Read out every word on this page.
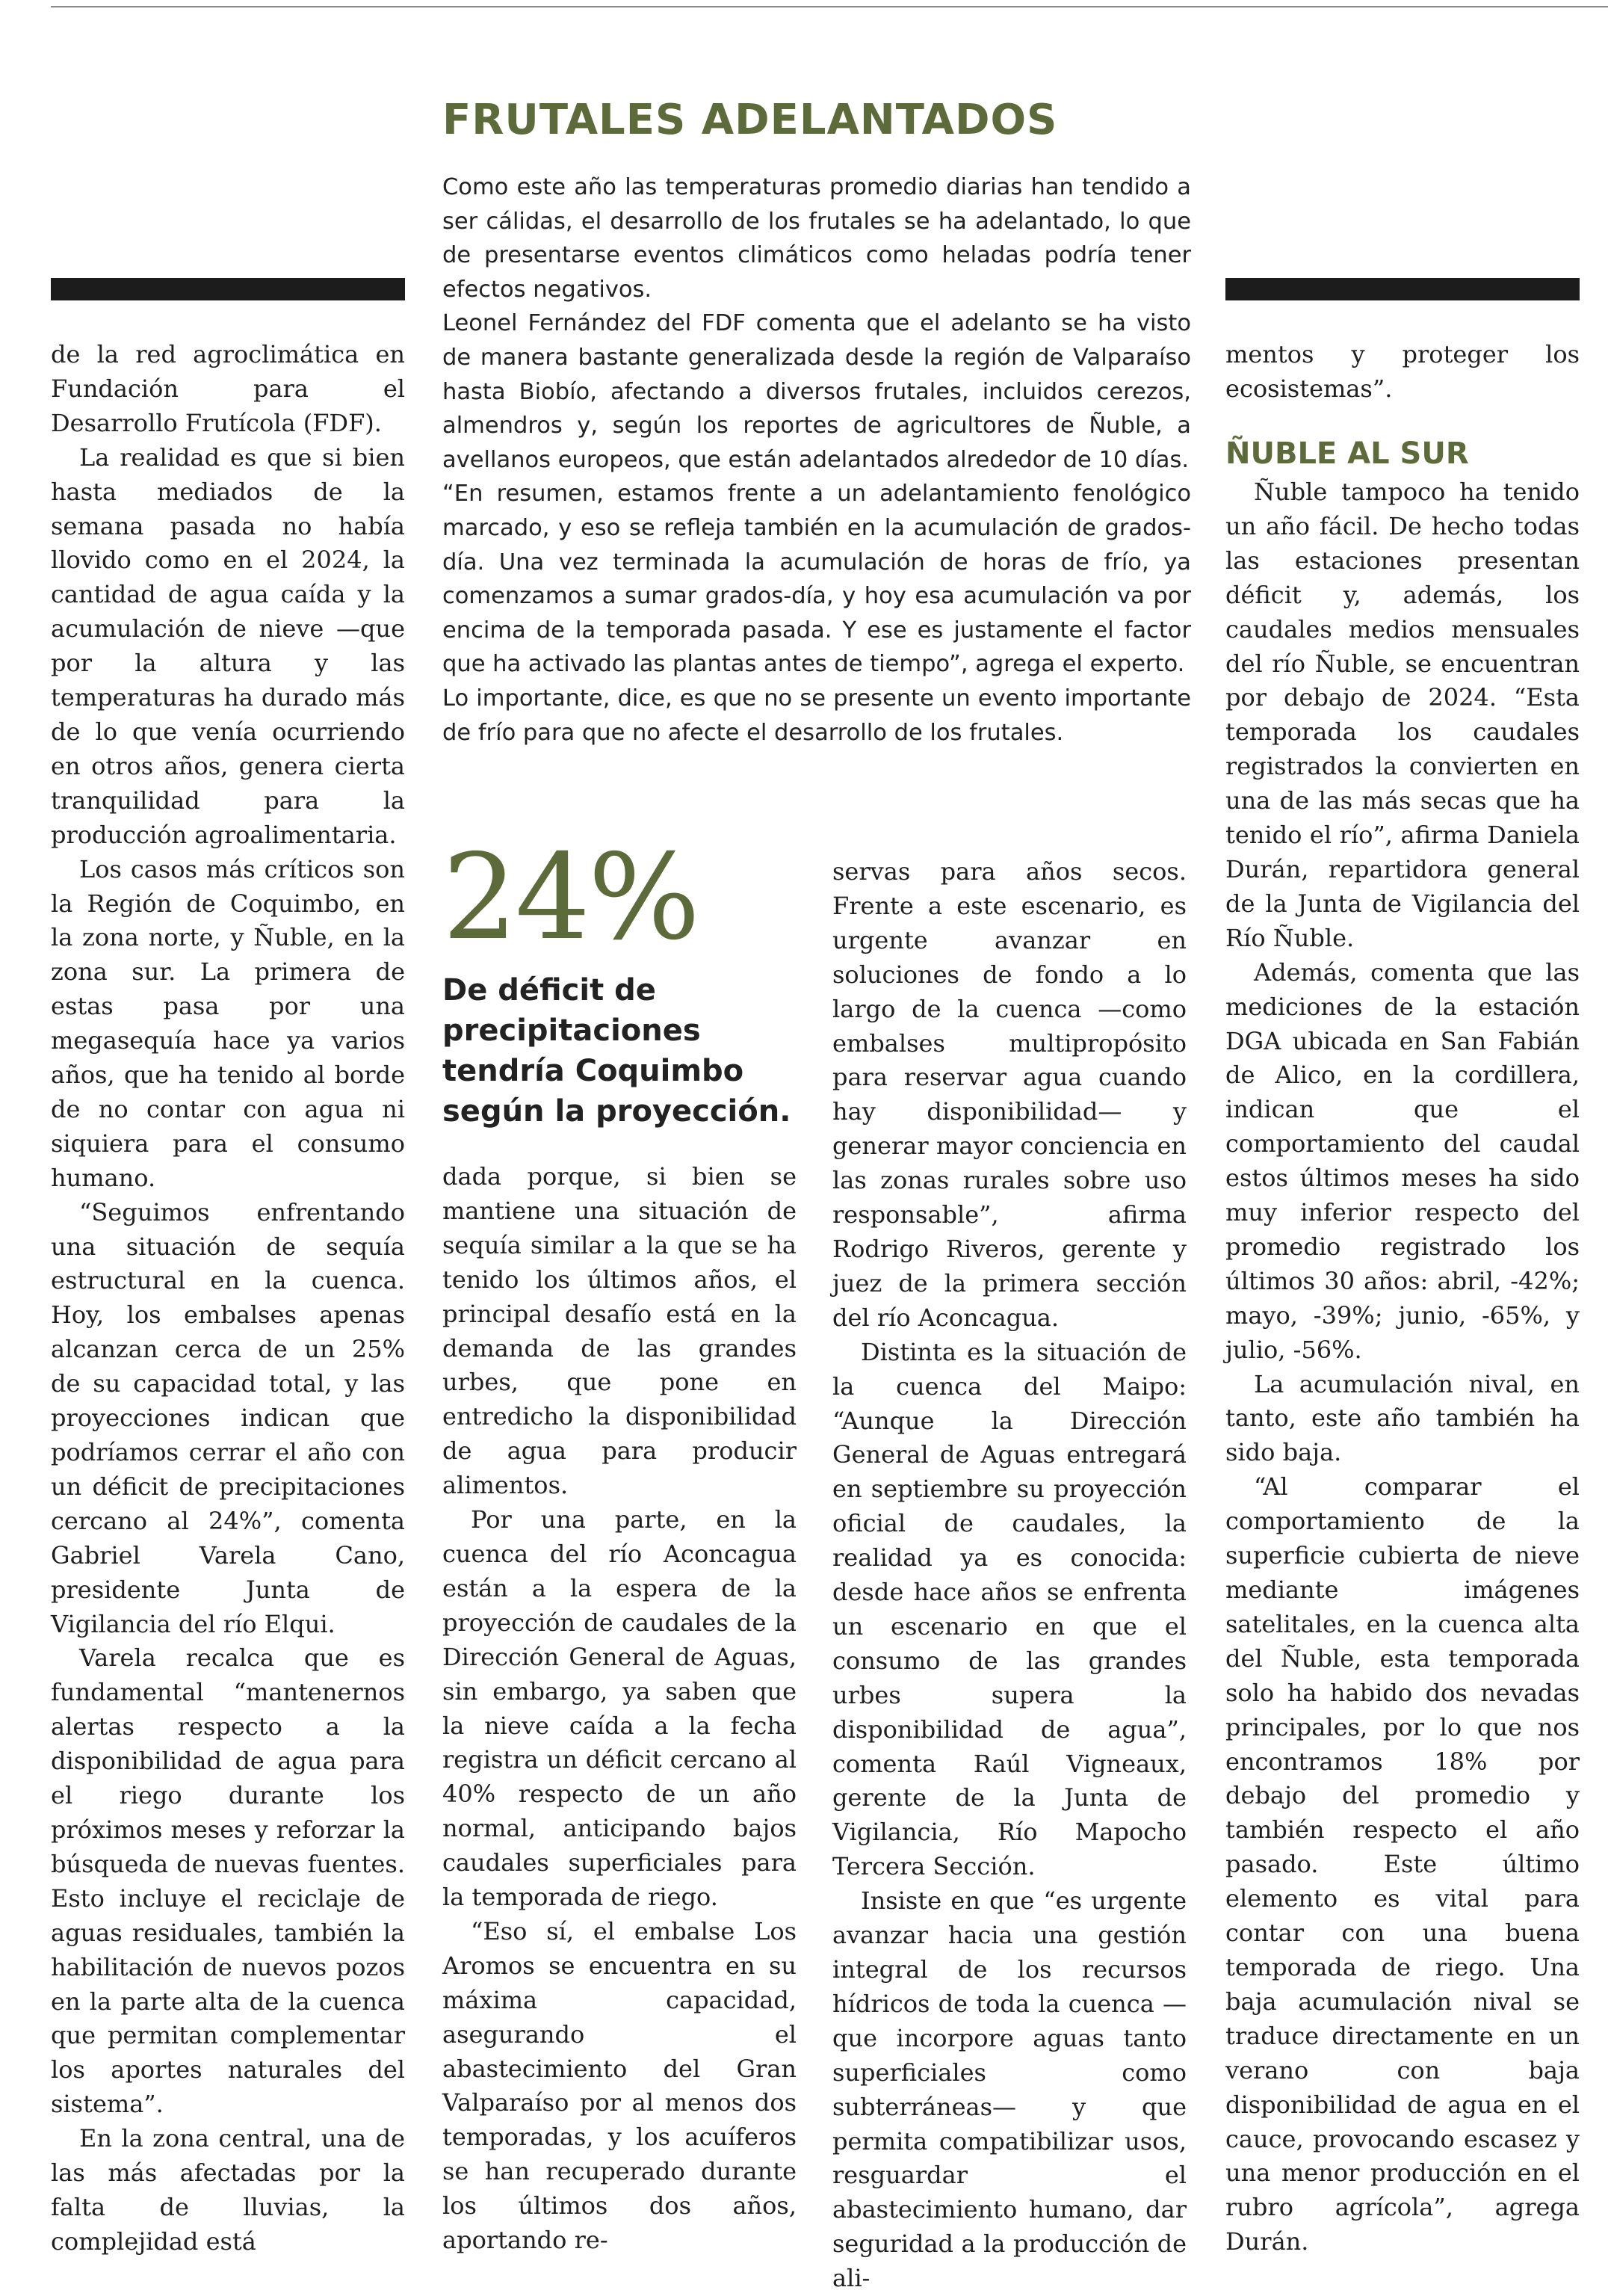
FRUTALES ADELANTADOS

Como este año las temperaturas promedio diarias han tendido a ser cálidas, el desarrollo de los frutales se ha adelantado, lo que de presentarse eventos climáticos como heladas podría tener efectos negativos.

Leonel Fernández del FDF comenta que el adelanto se ha visto de manera bastante generalizada desde la región de Valparaíso hasta Biobío, afectando a diversos frutales, incluidos cerezos, almendros y, según los reportes de agricultores de Ñuble, a avellanos europeos, que están adelantados alrededor de 10 días.

“En resumen, estamos frente a un adelantamiento fenológico marcado, y eso se refleja también en la acumulación de grados-día. Una vez terminada la acumulación de horas de frío, ya comenzamos a sumar grados-día, y hoy esa acumulación va por encima de la temporada pasada. Y ese es justamente el factor que ha activado las plantas antes de tiempo”, agrega el experto.

Lo importante, dice, es que no se presente un evento importante de frío para que no afecte el desarrollo de los frutales.

de la red agroclimática en Fundación para el Desarrollo Frutícola (FDF).

La realidad es que si bien hasta mediados de la semana pasada no había llovido como en el 2024, la cantidad de agua caída y la acumulación de nieve —que por la altura y las temperaturas ha durado más de lo que venía ocurriendo en otros años, genera cierta tranquilidad para la producción agroalimentaria.

Los casos más críticos son la Región de Coquimbo, en la zona norte, y Ñuble, en la zona sur. La primera de estas pasa por una megasequía hace ya varios años, que ha tenido al borde de no contar con agua ni siquiera para el consumo humano.

“Seguimos enfrentando una situación de sequía estructural en la cuenca. Hoy, los embalses apenas alcanzan cerca de un 25% de su capacidad total, y las proyecciones indican que podríamos cerrar el año con un déficit de precipitaciones cercano al 24%”, comenta Gabriel Varela Cano, presidente Junta de Vigilancia del río Elqui.

Varela recalca que es fundamental “mantenernos alertas respecto a la disponibilidad de agua para el riego durante los próximos meses y reforzar la búsqueda de nuevas fuentes. Esto incluye el reciclaje de aguas residuales, también la habilitación de nuevos pozos en la parte alta de la cuenca que permitan complementar los aportes naturales del sistema”.

En la zona central, una de las más afectadas por la falta de lluvias, la complejidad está

24%

De déficit de precipitaciones tendría Coquimbo según la proyección.

dada porque, si bien se mantiene una situación de sequía similar a la que se ha tenido los últimos años, el principal desafío está en la demanda de las grandes urbes, que pone en entredicho la disponibilidad de agua para producir alimentos.

Por una parte, en la cuenca del río Aconcagua están a la espera de la proyección de caudales de la Dirección General de Aguas, sin embargo, ya saben que la nieve caída a la fecha registra un déficit cercano al 40% respecto de un año normal, anticipando bajos caudales superficiales para la temporada de riego.

“Eso sí, el embalse Los Aromos se encuentra en su máxima capacidad, asegurando el abastecimiento del Gran Valparaíso por al menos dos temporadas, y los acuíferos se han recuperado durante los últimos dos años, aportando re-

servas para años secos. Frente a este escenario, es urgente avanzar en soluciones de fondo a lo largo de la cuenca —como embalses multipropósito para reservar agua cuando hay disponibilidad— y generar mayor conciencia en las zonas rurales sobre uso responsable”, afirma Rodrigo Riveros, gerente y juez de la primera sección del río Aconcagua.

Distinta es la situación de la cuenca del Maipo: “Aunque la Dirección General de Aguas entregará en septiembre su proyección oficial de caudales, la realidad ya es conocida: desde hace años se enfrenta un escenario en que el consumo de las grandes urbes supera la disponibilidad de agua”, comenta Raúl Vigneaux, gerente de la Junta de Vigilancia, Río Mapocho Tercera Sección.

Insiste en que “es urgente avanzar hacia una gestión integral de los recursos hídricos de toda la cuenca —que incorpore aguas tanto superficiales como subterráneas— y que permita compatibilizar usos, resguardar el abastecimiento humano, dar seguridad a la producción de ali-

mentos y proteger los ecosistemas”.

ÑUBLE AL SUR

Ñuble tampoco ha tenido un año fácil. De hecho todas las estaciones presentan déficit y, además, los caudales medios mensuales del río Ñuble, se encuentran por debajo de 2024. “Esta temporada los caudales registrados la convierten en una de las más secas que ha tenido el río”, afirma Daniela Durán, repartidora general de la Junta de Vigilancia del Río Ñuble.

Además, comenta que las mediciones de la estación DGA ubicada en San Fabián de Alico, en la cordillera, indican que el comportamiento del caudal estos últimos meses ha sido muy inferior respecto del promedio registrado los últimos 30 años: abril, -42%; mayo, -39%; junio, -65%, y julio, -56%.

La acumulación nival, en tanto, este año también ha sido baja.

“Al comparar el comportamiento de la superficie cubierta de nieve mediante imágenes satelitales, en la cuenca alta del Ñuble, esta temporada solo ha habido dos nevadas principales, por lo que nos encontramos 18% por debajo del promedio y también respecto el año pasado. Este último elemento es vital para contar con una buena temporada de riego. Una baja acumulación nival se traduce directamente en un verano con baja disponibilidad de agua en el cauce, provocando escasez y una menor producción en el rubro agrícola”, agrega Durán.
